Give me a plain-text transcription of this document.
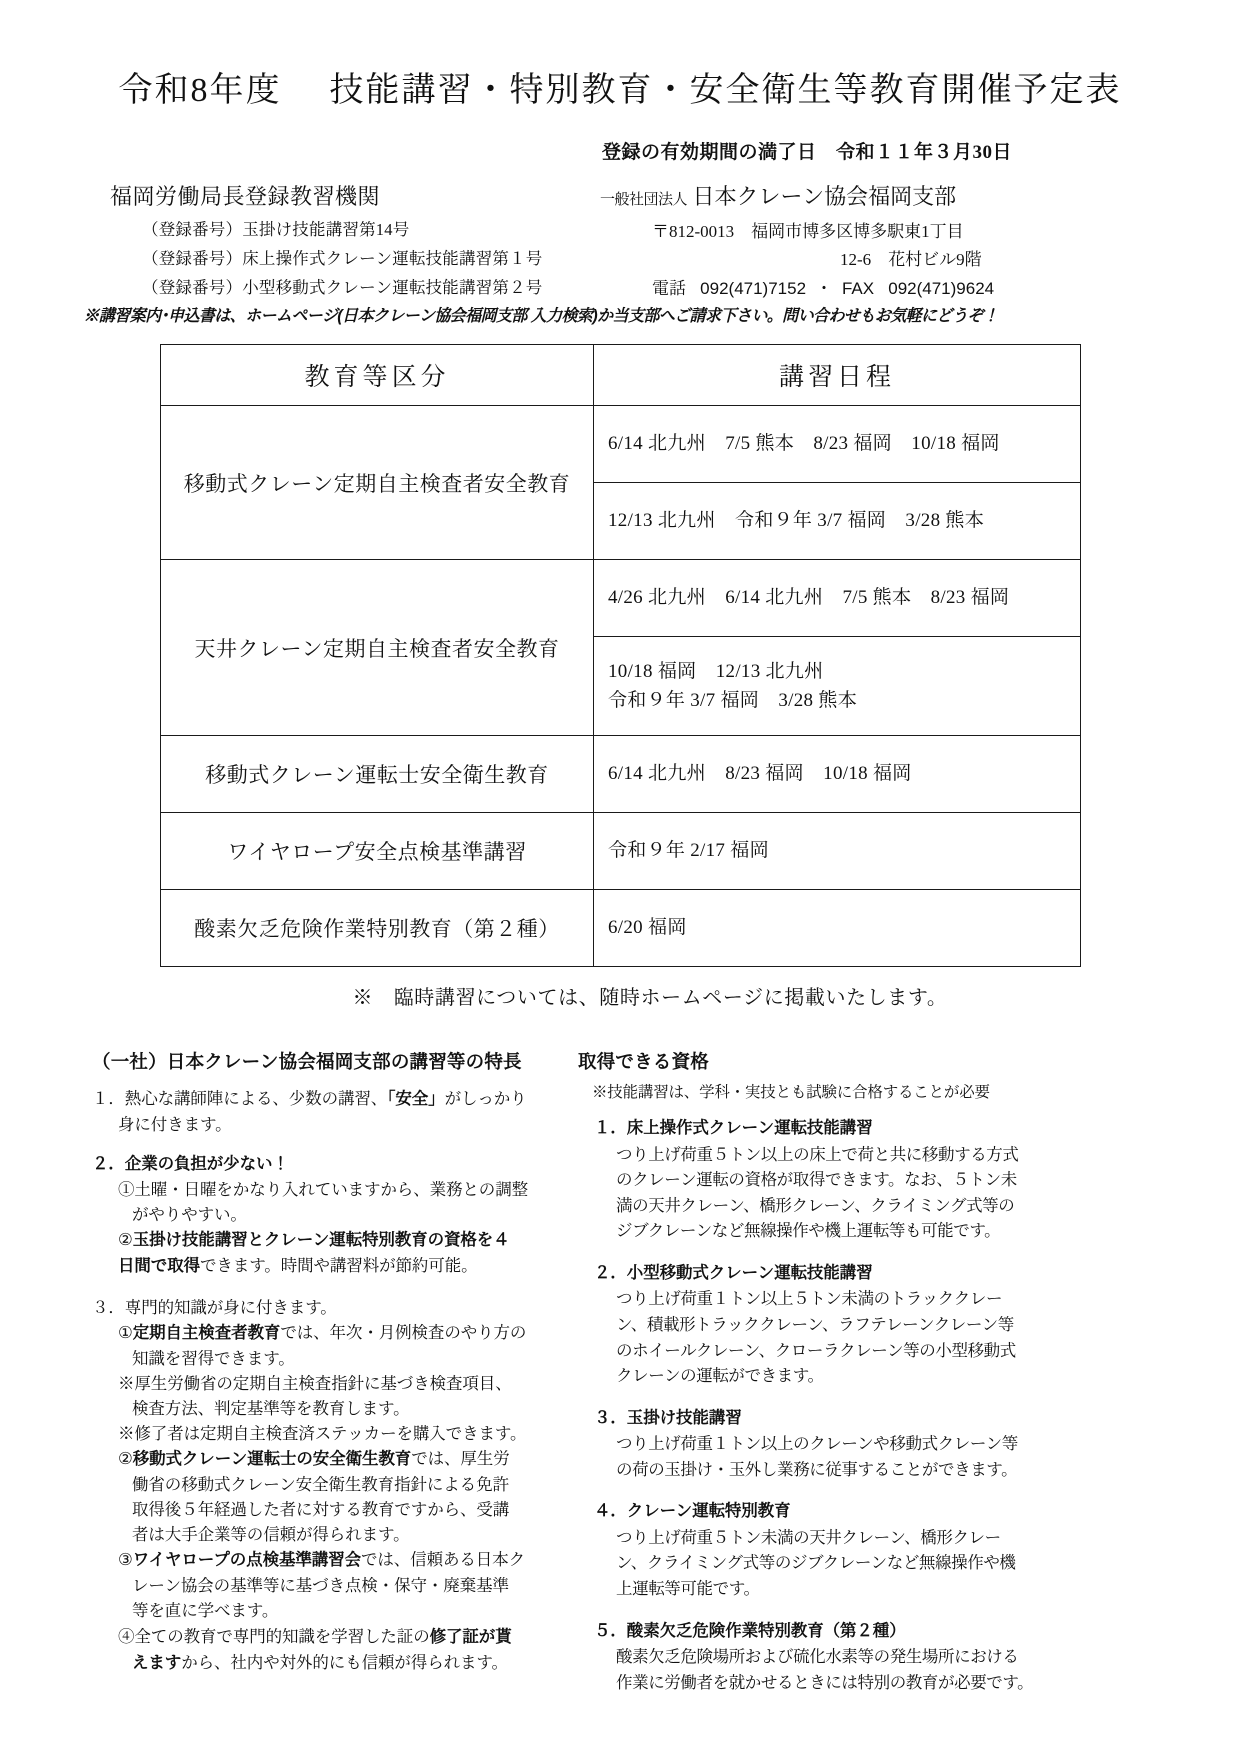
令和8年度 技能講習・特別教育・安全衛生等教育開催予定表
登録の有効期間の満了日　令和１１年３月30日
福岡労働局長登録教習機関
（登録番号）玉掛け技能講習第14号
（登録番号）床上操作式クレーン運転技能講習第１号
（登録番号）小型移動式クレーン運転技能講習第２号
一般社団法人 日本クレーン協会福岡支部
〒812-0013　福岡市博多区博多駅東1丁目
12-6　花村ビル9階
電話 092(471)7152 ・ FAX 092(471)9624
※講習案内･申込書は、ホームページ(日本クレーン協会福岡支部 入力検索)か当支部へご請求下さい。問い合わせもお気軽にどうぞ！
教育等区分	講習日程
移動式クレーン定期自主検査者安全教育	6/14 北九州　7/5 熊本　8/23 福岡　10/18 福岡

	12/13 北九州　令和９年 3/7 福岡　3/28 熊本

天井クレーン定期自主検査者安全教育	4/26 北九州　6/14 北九州　7/5 熊本　8/23 福岡

	10/18 福岡　12/13 北九州
令和９年 3/7 福岡　3/28 熊本

移動式クレーン運転士安全衛生教育	6/14 北九州　8/23 福岡　10/18 福岡

ワイヤロープ安全点検基準講習	令和９年 2/17 福岡

酸素欠乏危険作業特別教育（第２種）	6/20 福岡
※　臨時講習については、随時ホームページに掲載いたします。
（一社）日本クレーン協会福岡支部の講習等の特長
１．熱心な講師陣による、少数の講習、「安全」がしっかり
身に付きます。
２．企業の負担が少ない！
①土曜・日曜をかなり入れていますから、業務との調整
がやりやすい。
②玉掛け技能講習とクレーン運転特別教育の資格を４
日間で取得できます。時間や講習料が節約可能。
３．専門的知識が身に付きます。
①定期自主検査者教育では、年次・月例検査のやり方の
知識を習得できます。
※厚生労働省の定期自主検査指針に基づき検査項目、
検査方法、判定基準等を教育します。
※修了者は定期自主検査済ステッカーを購入できます。
②移動式クレーン運転士の安全衛生教育では、厚生労
働省の移動式クレーン安全衛生教育指針による免許
取得後５年経過した者に対する教育ですから、受講
者は大手企業等の信頼が得られます。
③ワイヤロープの点検基準講習会では、信頼ある日本ク
レーン協会の基準等に基づき点検・保守・廃棄基準
等を直に学べます。
④全ての教育で専門的知識を学習した証の修了証が貰
えますから、社内や対外的にも信頼が得られます。
取得できる資格
※技能講習は、学科・実技とも試験に合格することが必要
１．床上操作式クレーン運転技能講習
つり上げ荷重５トン以上の床上で荷と共に移動する方式
のクレーン運転の資格が取得できます。なお、５トン未
満の天井クレーン、橋形クレーン、クライミング式等の
ジブクレーンなど無線操作や機上運転等も可能です。
２．小型移動式クレーン運転技能講習
つり上げ荷重１トン以上５トン未満のトラッククレー
ン、積載形トラッククレーン、ラフテレーンクレーン等
のホイールクレーン、クローラクレーン等の小型移動式
クレーンの運転ができます。
３．玉掛け技能講習
つり上げ荷重１トン以上のクレーンや移動式クレーン等
の荷の玉掛け・玉外し業務に従事することができます。
４．クレーン運転特別教育
つり上げ荷重５トン未満の天井クレーン、橋形クレー
ン、クライミング式等のジブクレーンなど無線操作や機
上運転等可能です。
５．酸素欠乏危険作業特別教育（第２種）
酸素欠乏危険場所および硫化水素等の発生場所における
作業に労働者を就かせるときには特別の教育が必要です。
